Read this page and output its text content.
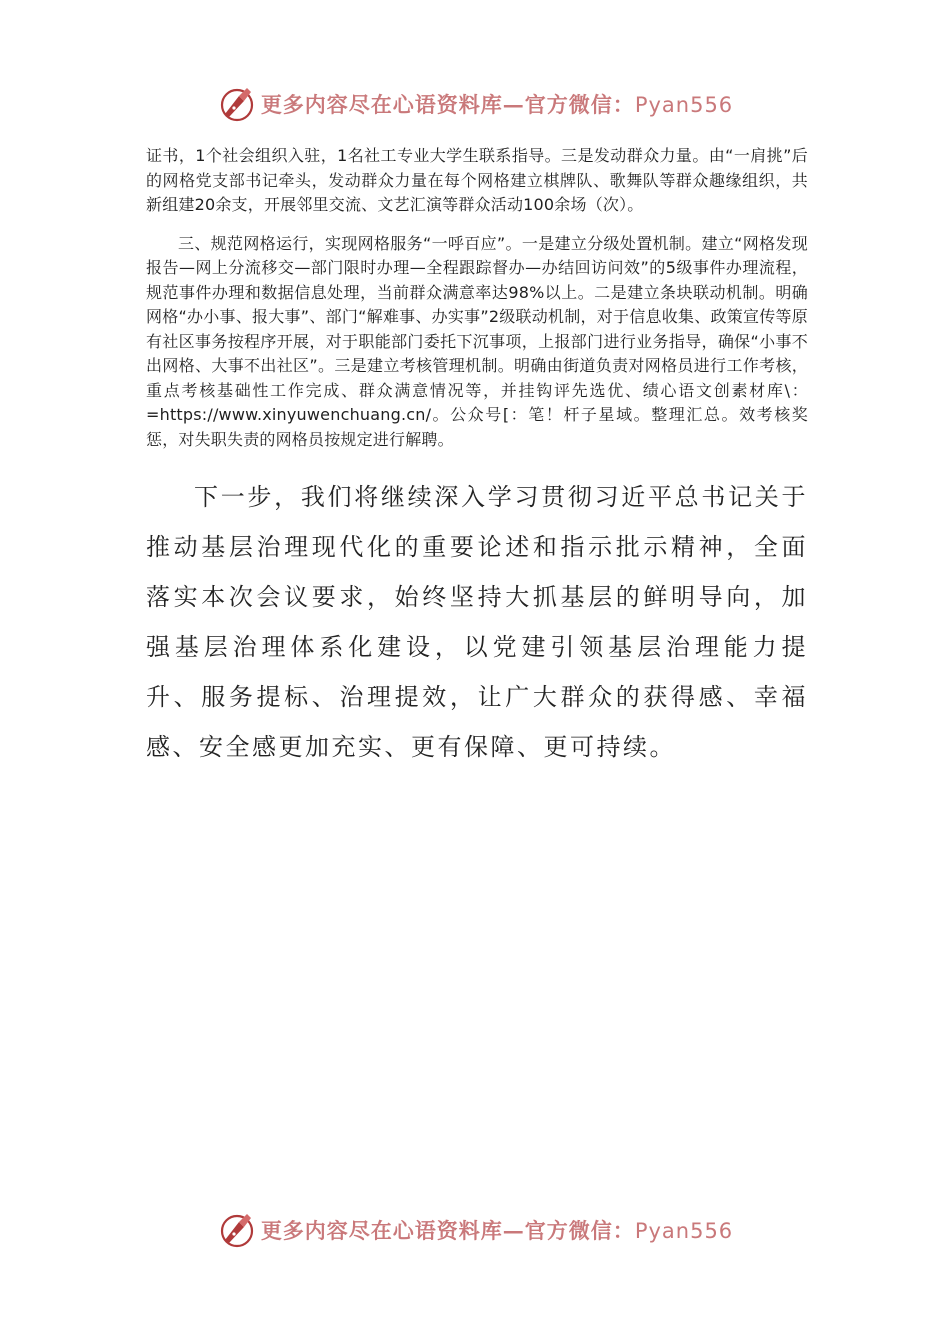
更多内容尽在心语资料库—官方微信：Pyan556

证书，1个社会组织入驻，1名社工专业大学生联系指导。三是发动群众力量。由“一肩挑”后的网格党支部书记牵头，发动群众力量在每个网格建立棋牌队、歌舞队等群众趣缘组织，共新组建20余支，开展邻里交流、文艺汇演等群众活动100余场（次）。

三、规范网格运行，实现网格服务“一呼百应”。一是建立分级处置机制。建立“网格发现报告—网上分流移交—部门限时办理—全程跟踪督办—办结回访问效”的5级事件办理流程，规范事件办理和数据信息处理，当前群众满意率达98%以上。二是建立条块联动机制。明确网格“办小事、报大事”、部门“解难事、办实事”2级联动机制，对于信息收集、政策宣传等原有社区事务按程序开展，对于职能部门委托下沉事项，上报部门进行业务指导，确保“小事不出网格、大事不出社区”。三是建立考核管理机制。明确由街道负责对网格员进行工作考核，重点考核基础性工作完成、群众满意情况等，并挂钩评先选优、绩心语文创素材库\：=https://www.xinyuwenchuang.cn/。公众号[：笔！杆子星域。整理汇总。效考核奖惩，对失职失责的网格员按规定进行解聘。

下一步，我们将继续深入学习贯彻习近平总书记关于推动基层治理现代化的重要论述和指示批示精神，全面落实本次会议要求，始终坚持大抓基层的鲜明导向，加强基层治理体系化建设，以党建引领基层治理能力提升、服务提标、治理提效，让广大群众的获得感、幸福感、安全感更加充实、更有保障、更可持续。

更多内容尽在心语资料库—官方微信：Pyan556
